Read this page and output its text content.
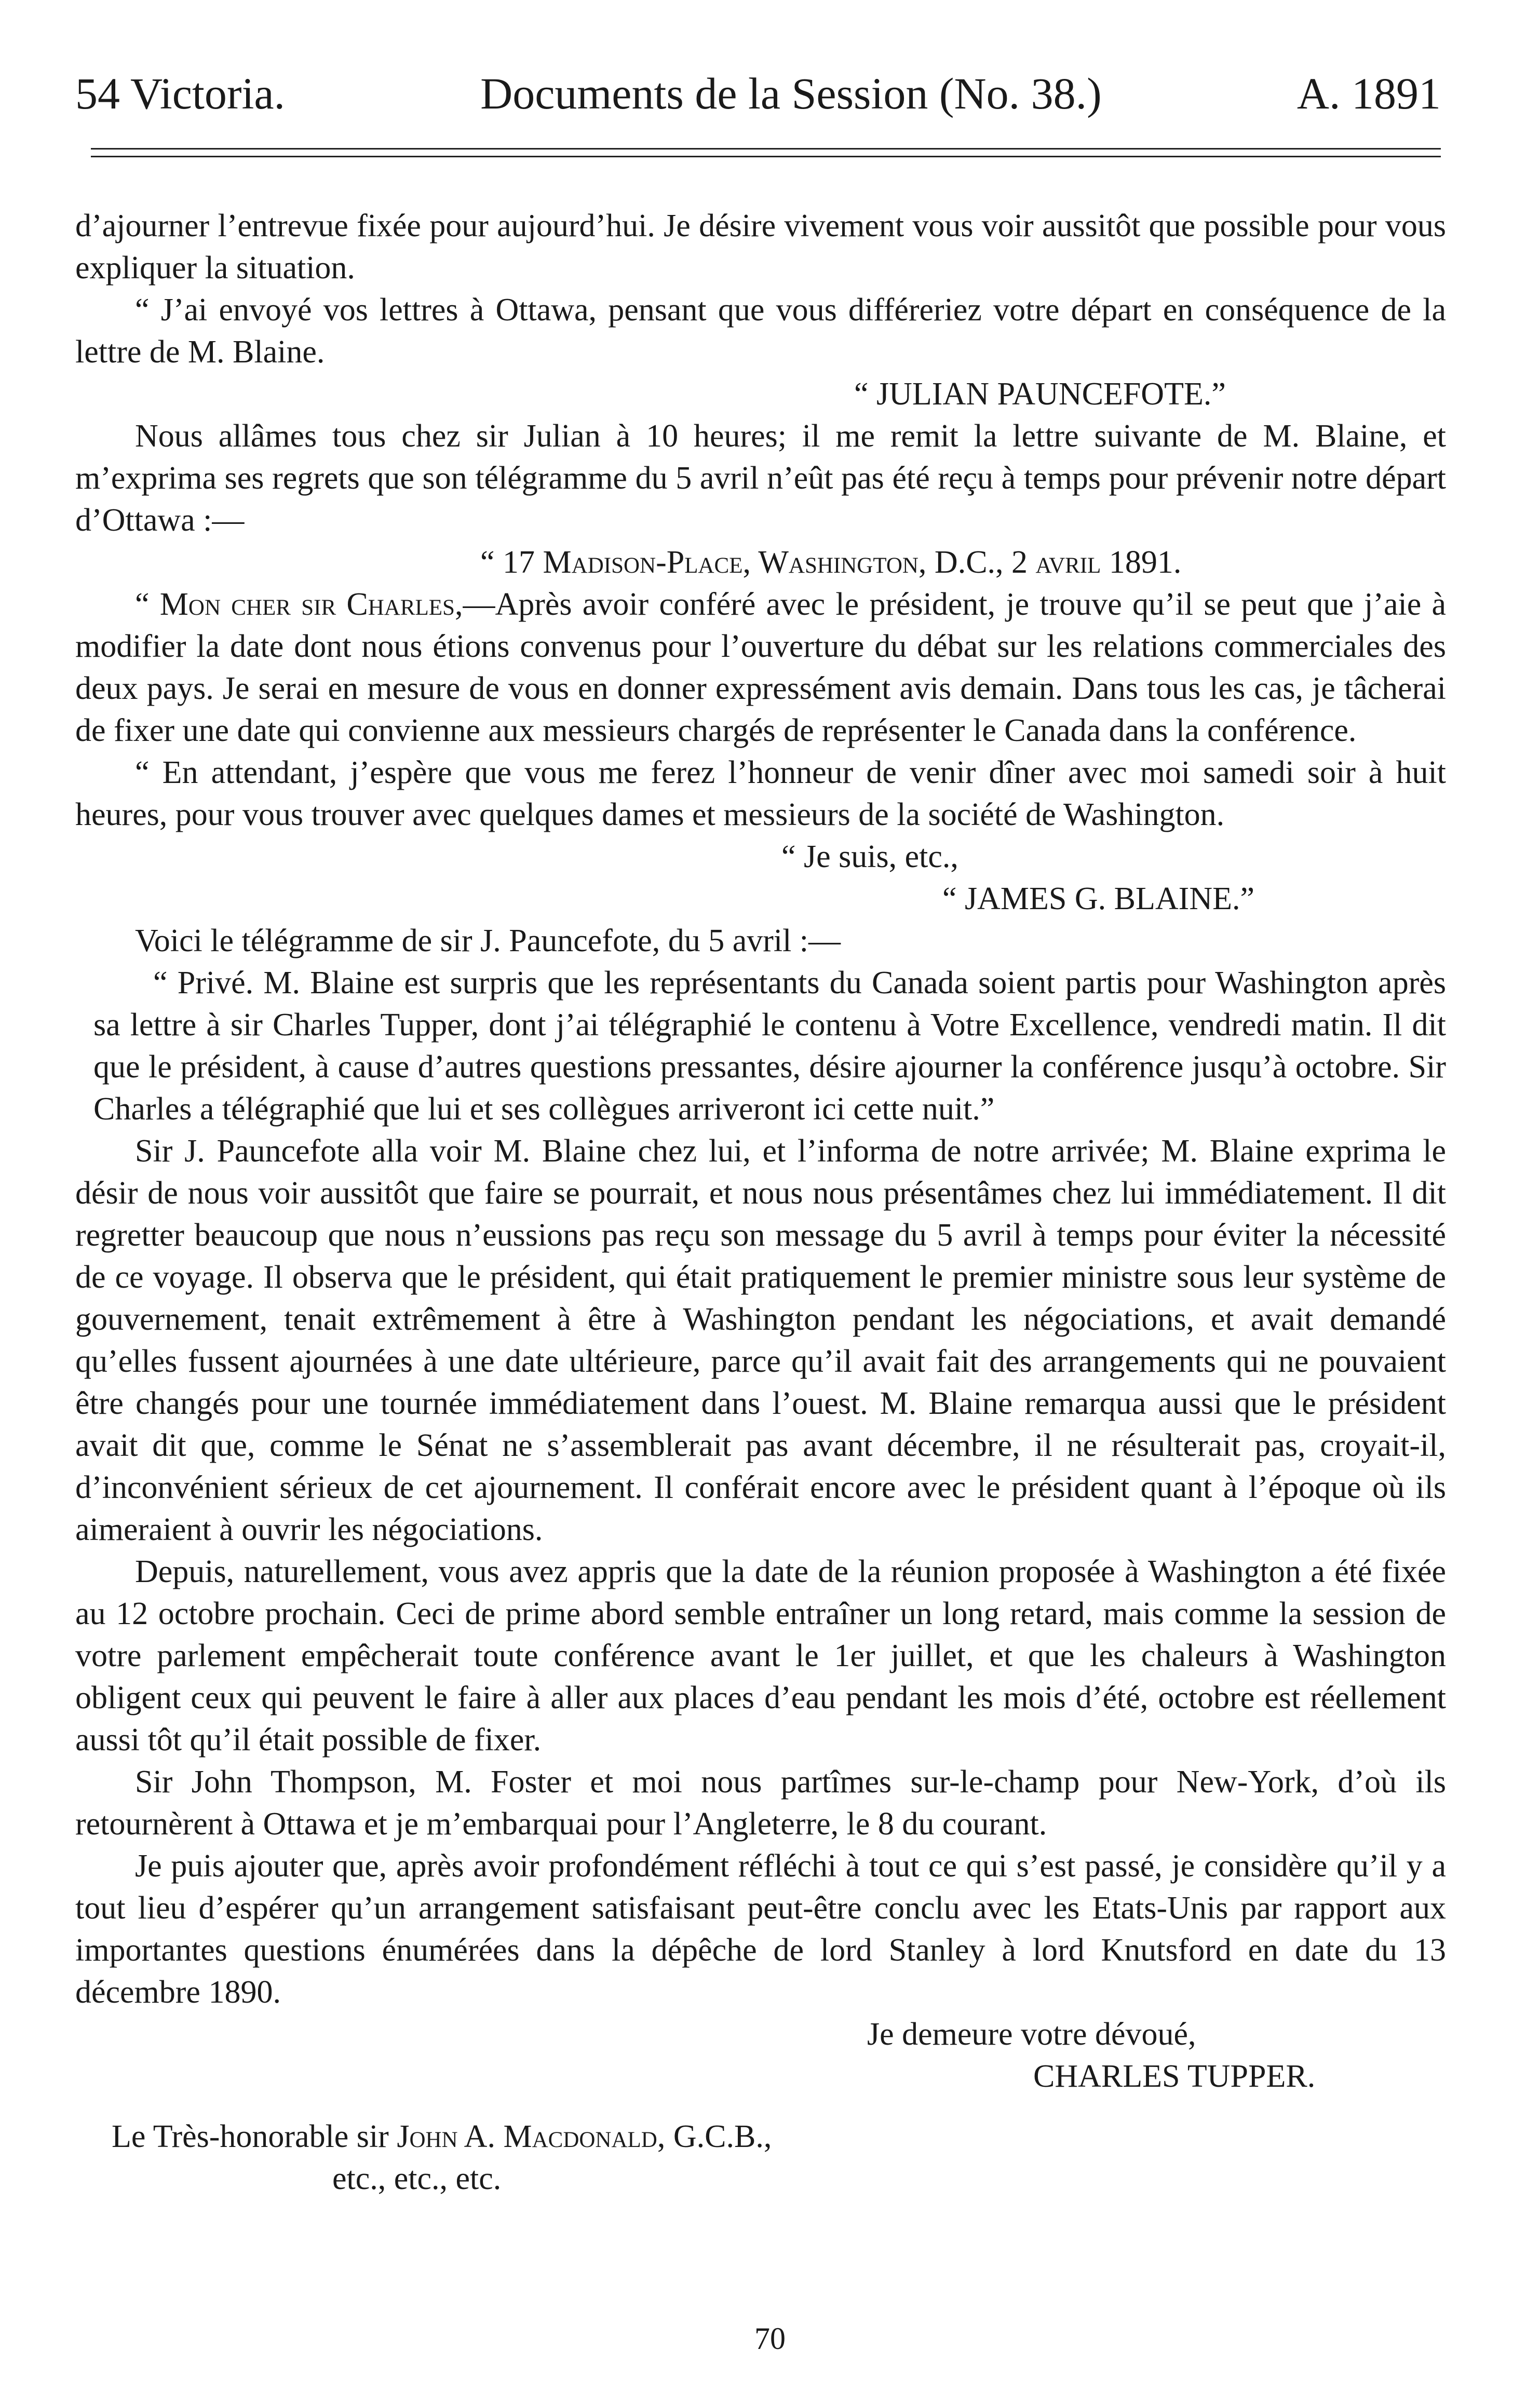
54 Victoria.	Documents de la Session (No. 38.)	A. 1891

d’ajourner l’entrevue fixée pour aujourd’hui. Je désire vivement vous voir aussitôt que possible pour vous expliquer la situation.

“ J’ai envoyé vos lettres à Ottawa, pensant que vous différeriez votre départ en conséquence de la lettre de M. Blaine.

“ JULIAN PAUNCEFOTE.”

Nous allâmes tous chez sir Julian à 10 heures; il me remit la lettre suivante de M. Blaine, et m’exprima ses regrets que son télégramme du 5 avril n’eût pas été reçu à temps pour prévenir notre départ d’Ottawa :—

“ 17 Madison-Place, Washington, D.C., 2 avril 1891.

“ Mon cher sir Charles,—Après avoir conféré avec le président, je trouve qu’il se peut que j’aie à modifier la date dont nous étions convenus pour l’ouverture du débat sur les relations commerciales des deux pays. Je serai en mesure de vous en donner expressément avis demain. Dans tous les cas, je tâcherai de fixer une date qui convienne aux messieurs chargés de représenter le Canada dans la conférence.

“ En attendant, j’espère que vous me ferez l’honneur de venir dîner avec moi samedi soir à huit heures, pour vous trouver avec quelques dames et messieurs de la société de Washington.

“ Je suis, etc.,

“ JAMES G. BLAINE.”

Voici le télégramme de sir J. Pauncefote, du 5 avril :—

“ Privé. M. Blaine est surpris que les représentants du Canada soient partis pour Washington après sa lettre à sir Charles Tupper, dont j’ai télégraphié le contenu à Votre Excellence, vendredi matin. Il dit que le président, à cause d’autres questions pressantes, désire ajourner la conférence jusqu’à octobre. Sir Charles a télégraphié que lui et ses collègues arriveront ici cette nuit.”

Sir J. Pauncefote alla voir M. Blaine chez lui, et l’informa de notre arrivée; M. Blaine exprima le désir de nous voir aussitôt que faire se pourrait, et nous nous présentâmes chez lui immédiatement. Il dit regretter beaucoup que nous n’eussions pas reçu son message du 5 avril à temps pour éviter la nécessité de ce voyage. Il observa que le président, qui était pratiquement le premier ministre sous leur système de gouvernement, tenait extrêmement à être à Washington pendant les négociations, et avait demandé qu’elles fussent ajournées à une date ultérieure, parce qu’il avait fait des arrangements qui ne pouvaient être changés pour une tournée immédiatement dans l’ouest. M. Blaine remarqua aussi que le président avait dit que, comme le Sénat ne s’assemblerait pas avant décembre, il ne résulterait pas, croyait-il, d’inconvénient sérieux de cet ajournement. Il conférait encore avec le président quant à l’époque où ils aimeraient à ouvrir les négociations.

Depuis, naturellement, vous avez appris que la date de la réunion proposée à Washington a été fixée au 12 octobre prochain. Ceci de prime abord semble entraîner un long retard, mais comme la session de votre parlement empêcherait toute conférence avant le 1er juillet, et que les chaleurs à Washington obligent ceux qui peuvent le faire à aller aux places d’eau pendant les mois d’été, octobre est réellement aussi tôt qu’il était possible de fixer.

Sir John Thompson, M. Foster et moi nous partîmes sur-le-champ pour New-York, d’où ils retournèrent à Ottawa et je m’embarquai pour l’Angleterre, le 8 du courant.

Je puis ajouter que, après avoir profondément réfléchi à tout ce qui s’est passé, je considère qu’il y a tout lieu d’espérer qu’un arrangement satisfaisant peut-être conclu avec les Etats-Unis par rapport aux importantes questions énumérées dans la dépêche de lord Stanley à lord Knutsford en date du 13 décembre 1890.

Je demeure votre dévoué,

CHARLES TUPPER.

Le Très-honorable sir John A. Macdonald, G.C.B.,

etc., etc., etc.

70
